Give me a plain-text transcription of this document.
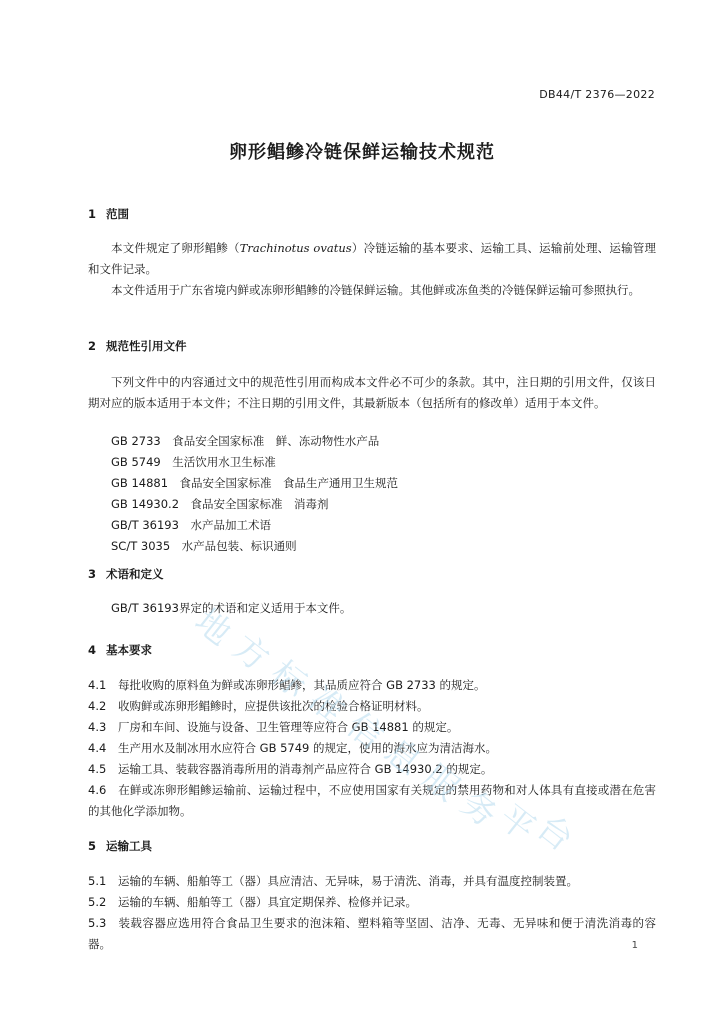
DB44/T 2376—2022
卵形鲳鲹冷链保鲜运输技术规范
1 范围
本文件规定了卵形鲳鲹（Trachinotus ovatus）冷链运输的基本要求、运输工具、运输前处理、运输管理和文件记录。
本文件适用于广东省境内鲜或冻卵形鲳鲹的冷链保鲜运输。其他鲜或冻鱼类的冷链保鲜运输可参照执行。
2 规范性引用文件
下列文件中的内容通过文中的规范性引用而构成本文件必不可少的条款。其中，注日期的引用文件，仅该日期对应的版本适用于本文件；不注日期的引用文件，其最新版本（包括所有的修改单）适用于本文件。
GB 2733　食品安全国家标准　鲜、冻动物性水产品
GB 5749　生活饮用水卫生标准
GB 14881　食品安全国家标准　食品生产通用卫生规范
GB 14930.2　食品安全国家标准　消毒剂
GB/T 36193　水产品加工术语
SC/T 3035　水产品包装、标识通则
3 术语和定义
GB/T 36193界定的术语和定义适用于本文件。
4 基本要求
4.1 每批收购的原料鱼为鲜或冻卵形鲳鲹，其品质应符合 GB 2733 的规定。
4.2 收购鲜或冻卵形鲳鲹时，应提供该批次的检验合格证明材料。
4.3 厂房和车间、设施与设备、卫生管理等应符合 GB 14881 的规定。
4.4 生产用水及制冰用水应符合 GB 5749 的规定，使用的海水应为清洁海水。
4.5 运输工具、装载容器消毒所用的消毒剂产品应符合 GB 14930.2 的规定。
4.6 在鲜或冻卵形鲳鲹运输前、运输过程中，不应使用国家有关规定的禁用药物和对人体具有直接或潜在危害的其他化学添加物。
5 运输工具
5.1 运输的车辆、船舶等工（器）具应清洁、无异味，易于清洗、消毒，并具有温度控制装置。
5.2 运输的车辆、船舶等工（器）具宜定期保养、检修并记录。
5.3 装载容器应选用符合食品卫生要求的泡沫箱、塑料箱等坚固、洁净、无毒、无异味和便于清洗消毒的容器。	1
地
方
标
准
信
息
服
务
平
台
